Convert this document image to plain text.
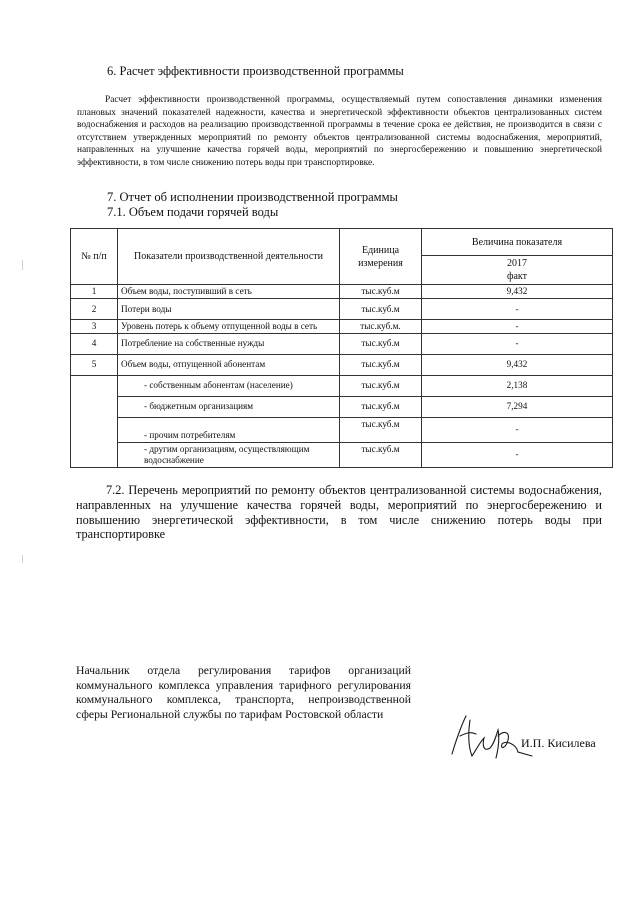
6. Расчет эффективности производственной программы

Расчет эффективности производственной программы, осуществляемый путем сопоставления динамики изменения плановых значений показателей надежности, качества и энергетической эффективности объектов централизованных систем водоснабжения и расходов на реализацию производственной программы в течение срока ее действия, не производится в связи с отсутствием утвержденных мероприятий по ремонту объектов централизованной системы водоснабжения, мероприятий, направленных на улучшение качества горячей воды, мероприятий по энергосбережению и повышению энергетической эффективности, в том числе снижению потерь воды при транспортировке.

7. Отчет об исполнении производственной программы
7.1. Объем подачи горячей воды
№ п/п	Показатели производственной деятельности	Единица измерения	Величина показателя

			2017
факт

1	Объем воды, поступивший в сеть	тыс.куб.м	9,432
2	Потери воды	тыс.куб.м	-
3	Уровень потерь к объему отпущенной воды в сеть	тыс.куб.м.	-
4	Потребление на собственные нужды	тыс.куб.м	-
5	Объем воды, отпущенной абонентам	тыс.куб.м	9,432
	- собственным абонентам (население)	тыс.куб.м	2,138
	- бюджетным организациям	тыс.куб.м	7,294
	- прочим потребителям	тыс.куб.м	-
	- другим организациям, осуществляющим водоснабжение	тыс.куб.м	-

7.2. Перечень мероприятий по ремонту объектов централизованной системы водоснабжения, направленных на улучшение качества горячей воды, мероприятий по энергосбережению и повышению энергетической эффективности, в том числе снижению потерь воды при транспортировке

Начальник отдела регулирования тарифов организаций коммунального комплекса управления тарифного регулирования коммунального комплекса, транспорта, непроизводственной сферы Региональной службы по тарифам Ростовской области

И.П. Кисилева
